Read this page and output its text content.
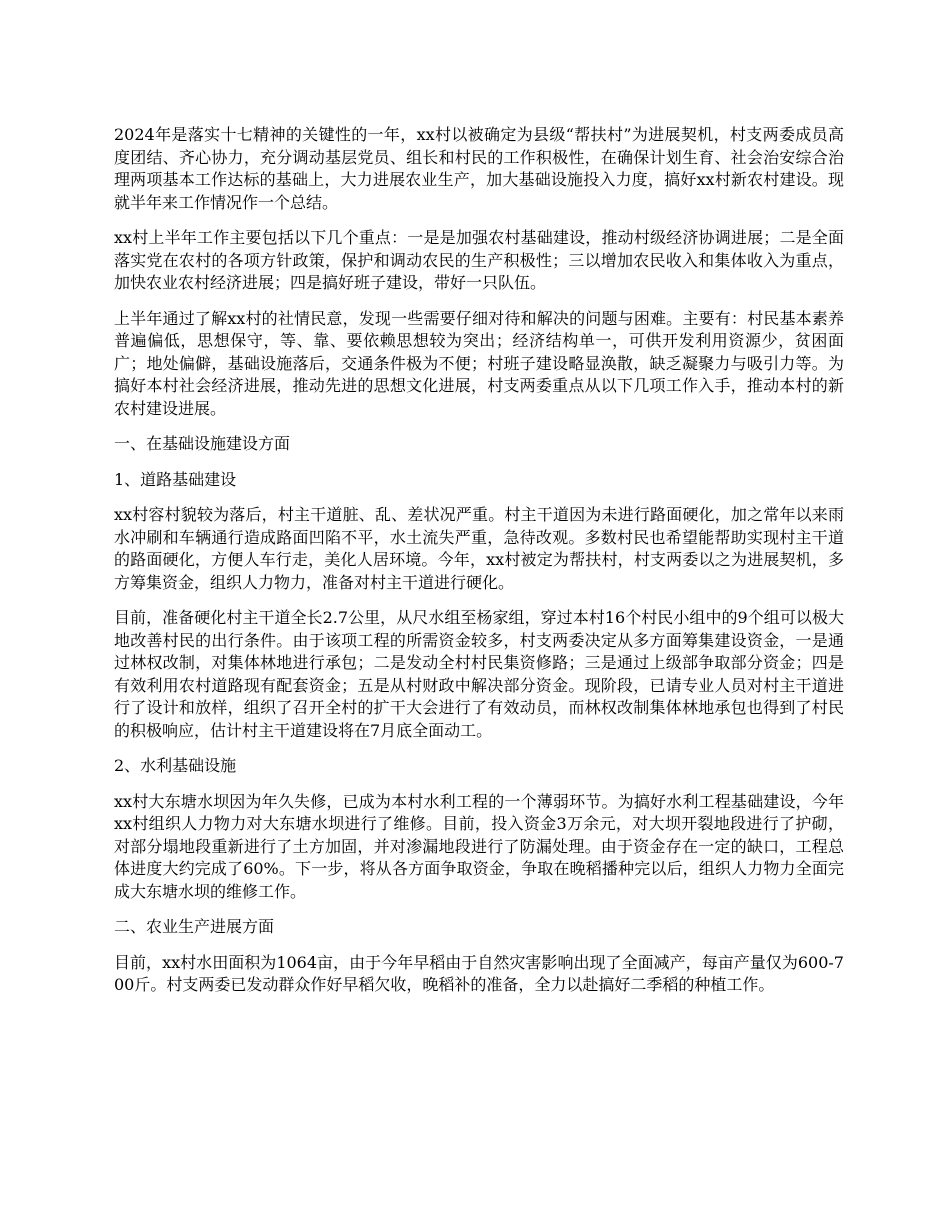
2024年是落实十七精神的关键性的一年，xx村以被确定为县级“帮扶村”为进展契机，村支两委成员高度团结、齐心协力，充分调动基层党员、组长和村民的工作积极性，在确保计划生育、社会治安综合治理两项基本工作达标的基础上，大力进展农业生产，加大基础设施投入力度，搞好xx村新农村建设。现就半年来工作情况作一个总结。

xx村上半年工作主要包括以下几个重点：一是是加强农村基础建设，推动村级经济协调进展；二是全面落实党在农村的各项方针政策，保护和调动农民的生产积极性；三以增加农民收入和集体收入为重点，加快农业农村经济进展；四是搞好班子建设，带好一只队伍。

上半年通过了解xx村的社情民意，发现一些需要仔细对待和解决的问题与困难。主要有：村民基本素养普遍偏低，思想保守，等、靠、要依赖思想较为突出；经济结构单一，可供开发利用资源少，贫困面广；地处偏僻，基础设施落后，交通条件极为不便；村班子建设略显涣散，缺乏凝聚力与吸引力等。为搞好本村社会经济进展，推动先进的思想文化进展，村支两委重点从以下几项工作入手，推动本村的新农村建设进展。

一、在基础设施建设方面

1、道路基础建设

xx村容村貌较为落后，村主干道脏、乱、差状况严重。村主干道因为未进行路面硬化，加之常年以来雨水冲刷和车辆通行造成路面凹陷不平，水土流失严重，急待改观。多数村民也希望能帮助实现村主干道的路面硬化，方便人车行走，美化人居环境。今年，xx村被定为帮扶村，村支两委以之为进展契机，多方筹集资金，组织人力物力，准备对村主干道进行硬化。

目前，准备硬化村主干道全长2.7公里，从尺水组至杨家组，穿过本村16个村民小组中的9个组可以极大地改善村民的出行条件。由于该项工程的所需资金较多，村支两委决定从多方面筹集建设资金，一是通过林权改制，对集体林地进行承包；二是发动全村村民集资修路；三是通过上级部争取部分资金；四是有效利用农村道路现有配套资金；五是从村财政中解决部分资金。现阶段，已请专业人员对村主干道进行了设计和放样，组织了召开全村的扩干大会进行了有效动员，而林权改制集体林地承包也得到了村民的积极响应，估计村主干道建设将在7月底全面动工。

2、水利基础设施

xx村大东塘水坝因为年久失修，已成为本村水利工程的一个薄弱环节。为搞好水利工程基础建设，今年xx村组织人力物力对大东塘水坝进行了维修。目前，投入资金3万余元，对大坝开裂地段进行了护砌，对部分塌地段重新进行了土方加固，并对渗漏地段进行了防漏处理。由于资金存在一定的缺口，工程总体进度大约完成了60%。下一步，将从各方面争取资金，争取在晚稻播种完以后，组织人力物力全面完成大东塘水坝的维修工作。

二、农业生产进展方面

目前，xx村水田面积为1064亩，由于今年早稻由于自然灾害影响出现了全面减产，每亩产量仅为600-700斤。村支两委已发动群众作好早稻欠收，晚稻补的准备，全力以赴搞好二季稻的种植工作。
